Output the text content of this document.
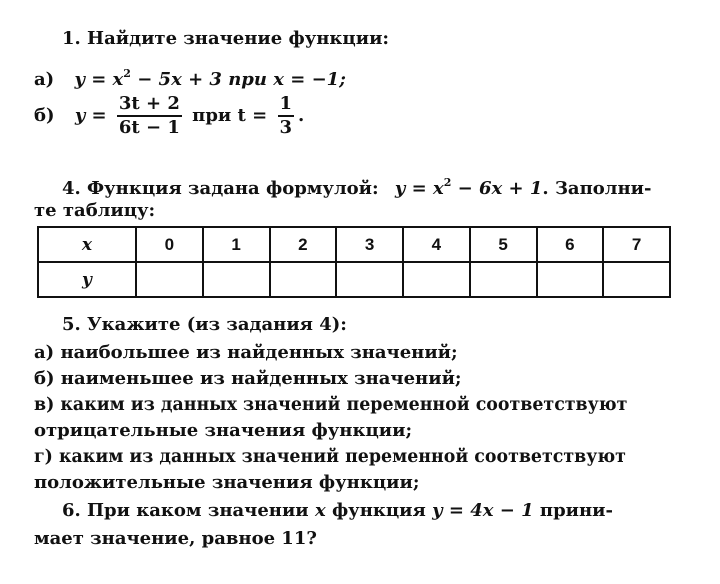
1. Найдите значение функции:
а) $y = x^2 - 5x + 3$ при x = −1;
б) $y = \frac{3t + 2}{6t - 1}$ при $t = \frac{1}{3}$ .
4. Функция задана формулой: $y = x^2 - 6x + 1$. Заполни-
те таблицу:
x	0	1	2	3	4	5	6	7
y								
5. Укажите (из задания 4):
а) наибольшее из найденных значений;
б) наименьшее из найденных значений;
в) каким из данных значений переменной соответствуют
отрицательные значения функции;
г) каким из данных значений переменной соответствуют
положительные значения функции;
6. При каком значении x функция y = 4x − 1 прини-
мает значение, равное 11?
